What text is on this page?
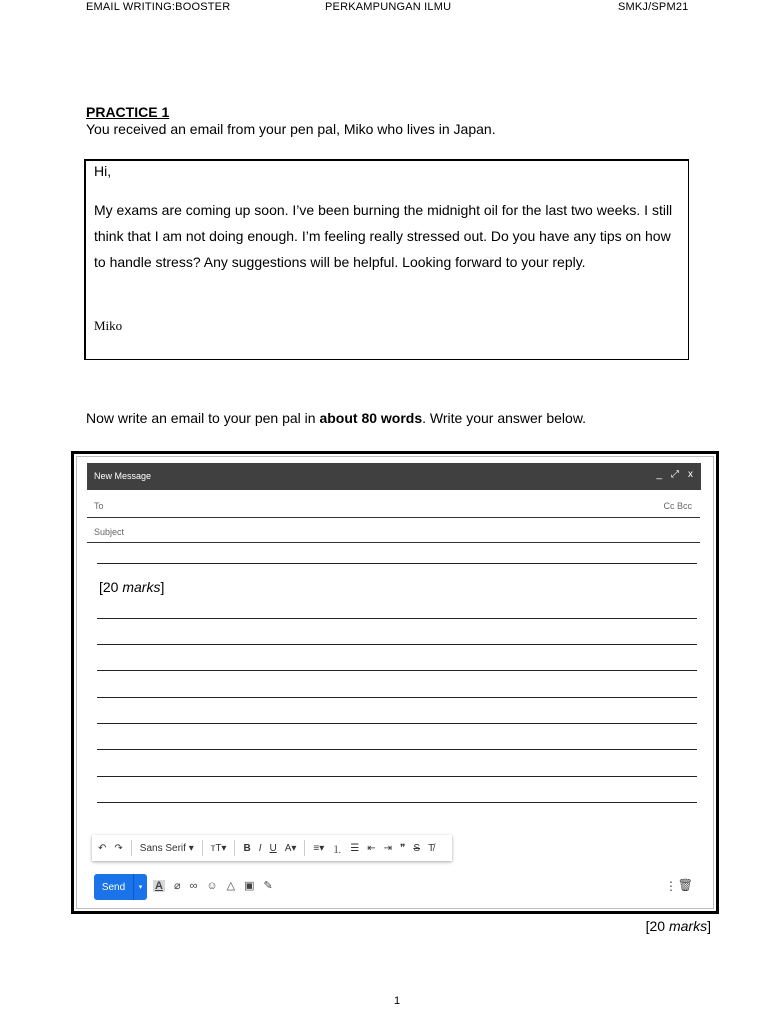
EMAIL WRITING:BOOSTER	PERKAMPUNGAN ILMU	SMKJ/SPM21
PRACTICE 1
You received an email from your pen pal, Miko who lives in Japan.
Hi,
My exams are coming up soon. I’ve been burning the midnight oil for the last two weeks. I still think that I am not doing enough. I’m feeling really stressed out. Do you have any tips on how to handle stress? Any suggestions will be helpful. Looking forward to your reply.
Miko
Now write an email to your pen pal in about 80 words. Write your answer below.
New Message	_ ⤢ x
To	Cc Bcc
Subject
[20 marks]
↶ ↷ Sans Serif ▾ ᴛT▾ B I U A▾ ≡▾ ⒈ ☰ ⇤ ⇥ ❞ S T̸
Send	▾	A ⌀ ∞ ☺ △ ▣ ✎	⋮ 🗑
[20 marks]
1
